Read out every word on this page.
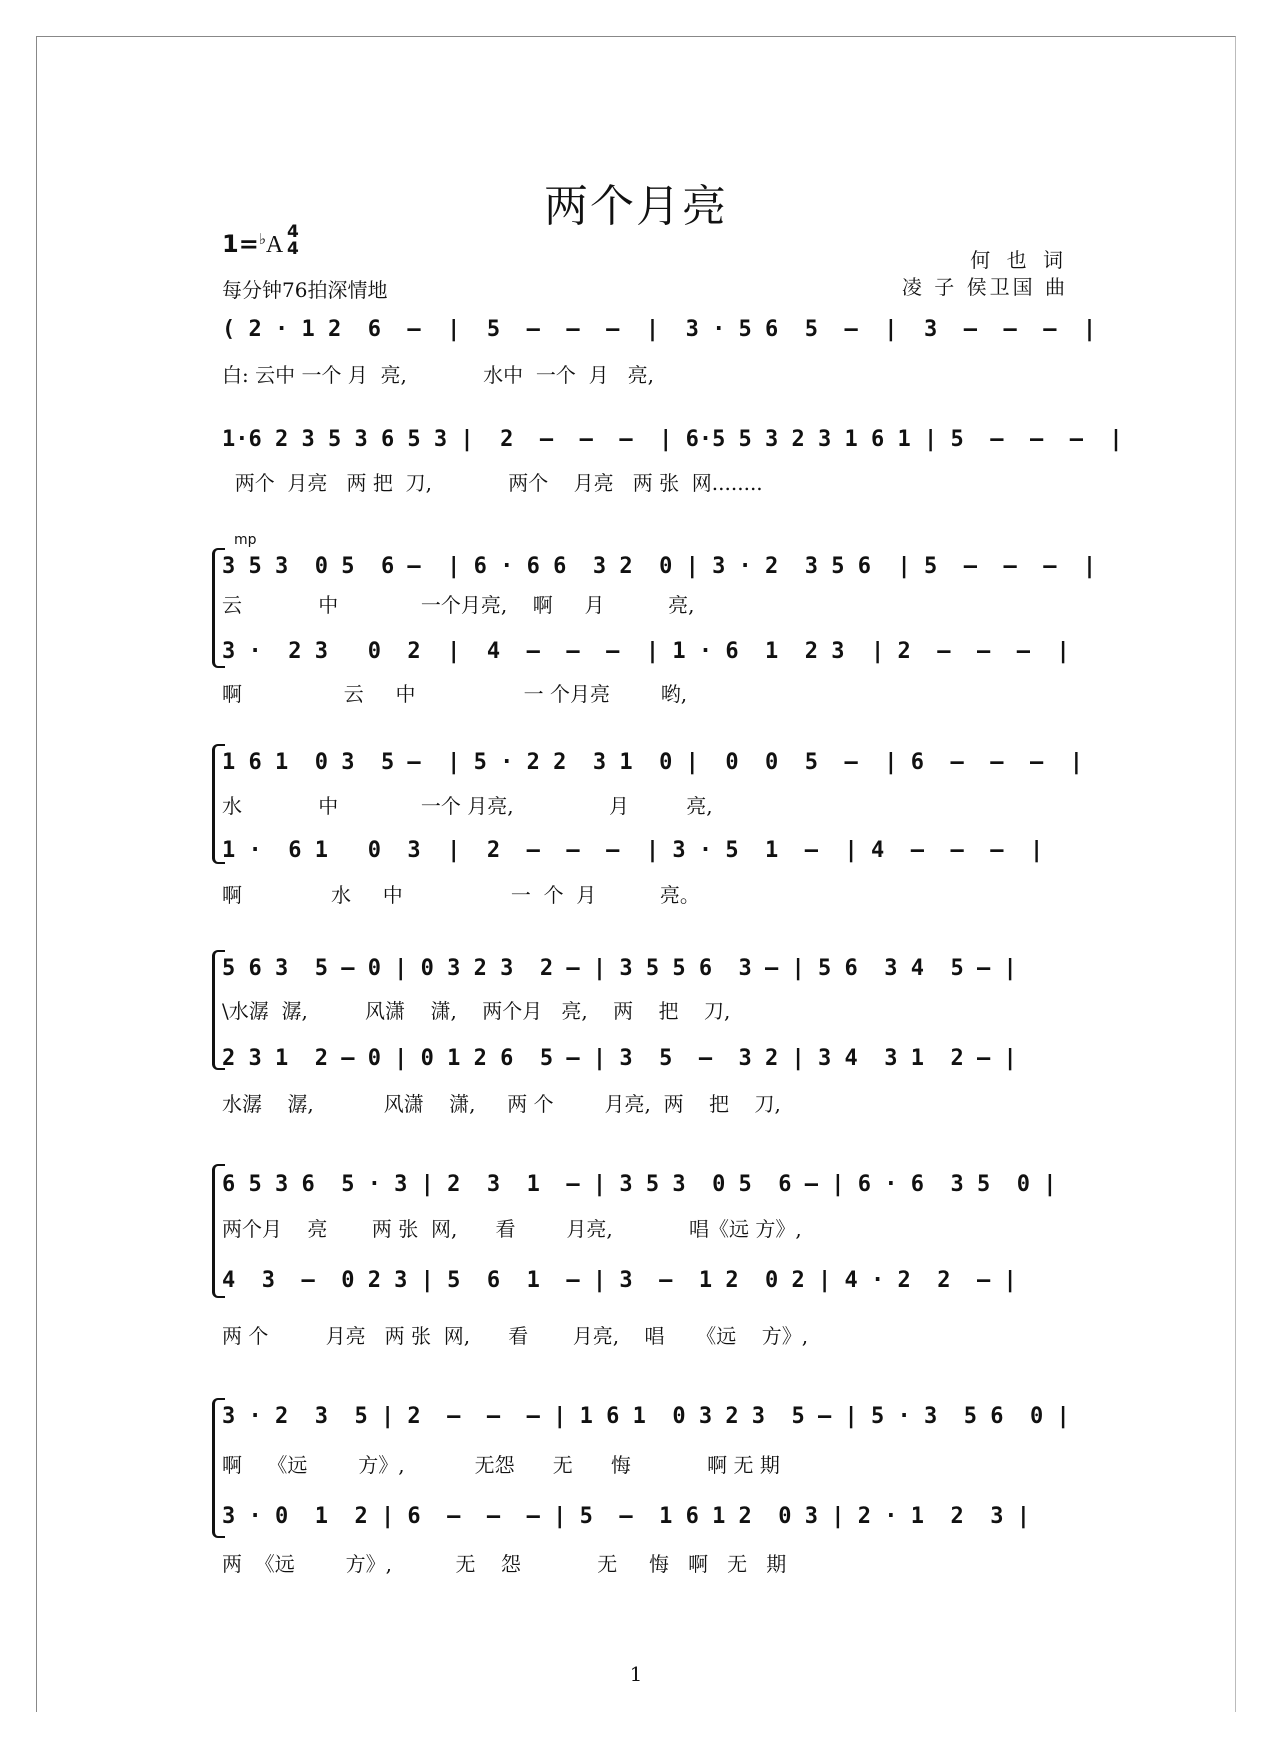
两个月亮
1=♭A 4
4
每分钟76拍深情地
何 也 词
凌 子 侯卫国 曲
( 2 · 1 2  6  –  |  5  –  –  –  |  3 · 5 6  5  –  |  3  –  –  –  |
白: 云中 一个 月  亮,            水中  一个  月   亮,
1·6 2 3 5 3 6 5 3 |  2  –  –  –  | 6·5 5 3 2 3 1 6 1 | 5  –  –  –  |
两个  月亮   两 把  刀,            两个    月亮   两 张  网........
mp
3 5 3  0 5  6 –  | 6 · 6 6  3 2  0 | 3 · 2  3 5 6  | 5  –  –  –  |
云            中             一个月亮,    啊     月          亮,
3 ·  2 3   0  2  |  4  –  –  –  | 1 · 6  1  2 3  | 2  –  –  –  |
啊                云     中                 一 个月亮        哟,
1 6 1  0 3  5 –  | 5 · 2 2  3 1  0 |  0  0  5  –  | 6  –  –  –  |
水            中             一个 月亮,               月         亮,
1 ·  6 1   0  3  |  2  –  –  –  | 3 · 5  1  –  | 4  –  –  –  |
啊              水     中                 一  个  月          亮。
5 6 3  5 – 0 | 0 3 2 3  2 – | 3 5 5 6  3 – | 5 6  3 4  5 – |
\水潺  潺,         风潇    潇,    两个月   亮,    两    把    刀,
2 3 1  2 – 0 | 0 1 2 6  5 – | 3  5  –  3 2 | 3 4  3 1  2 – |
水潺    潺,           风潇    潇,     两 个        月亮,  两    把    刀,
6 5 3 6  5 · 3 | 2  3  1  – | 3 5 3  0 5  6 – | 6 · 6  3 5  0 |
两个月    亮       两 张  网,      看        月亮,            唱《远 方》,
4  3  –  0 2 3 | 5  6  1  – | 3  –  1 2  0 2 | 4 · 2  2  – |
两 个         月亮   两 张  网,      看       月亮,    唱     《远    方》,
3 · 2  3  5 | 2  –  –  – | 1 6 1  0 3 2 3  5 – | 5 · 3  5 6  0 |
啊    《远        方》,           无怨      无      悔            啊 无 期
3 · 0  1  2 | 6  –  –  – | 5  –  1 6 1 2  0 3 | 2 · 1  2  3 |
两  《远        方》,          无    怨            无     悔   啊   无   期
1
